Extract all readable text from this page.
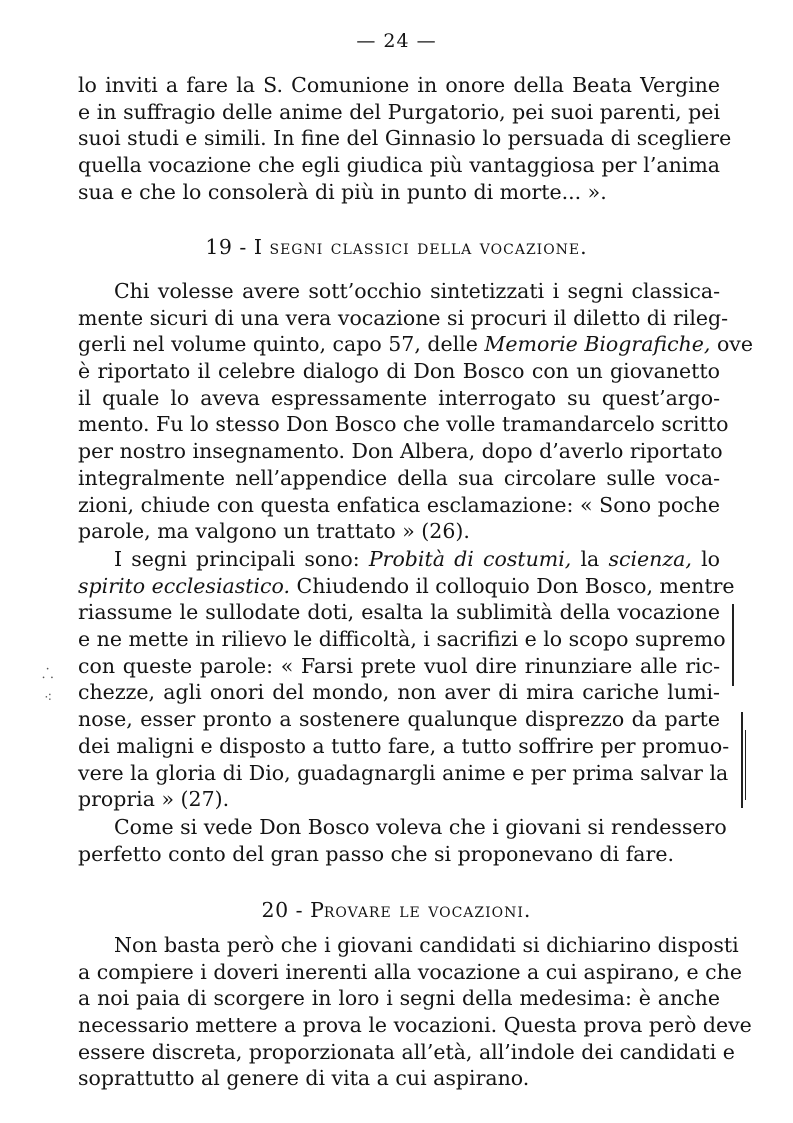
— 24 —
lo inviti a fare la S. Comunione in onore della Beata Vergine
e in suffragio delle anime del Purgatorio, pei suoi parenti, pei
suoi studi e simili. In fine del Ginnasio lo persuada di scegliere
quella vocazione che egli giudica più vantaggiosa per l’anima
sua e che lo consolerà di più in punto di morte... ».
19 - I segni classici della vocazione.
Chi volesse avere sott’occhio sintetizzati i segni classica-
mente sicuri di una vera vocazione si procuri il diletto di rileg-
gerli nel volume quinto, capo 57, delle Memorie Biografiche, ove
è riportato il celebre dialogo di Don Bosco con un giovanetto
il quale lo aveva espressamente interrogato su quest’argo-
mento. Fu lo stesso Don Bosco che volle tramandarcelo scritto
per nostro insegnamento. Don Albera, dopo d’averlo riportato
integralmente nell’appendice della sua circolare sulle voca-
zioni, chiude con questa enfatica esclamazione: « Sono poche
parole, ma valgono un trattato » (26).
I segni principali sono: Probità di costumi, la scienza, lo
spirito ecclesiastico. Chiudendo il colloquio Don Bosco, mentre
riassume le sullodate doti, esalta la sublimità della vocazione
e ne mette in rilievo le difficoltà, i sacrifizi e lo scopo supremo
con queste parole: « Farsi prete vuol dire rinunziare alle ric-
chezze, agli onori del mondo, non aver di mira cariche lumi-
nose, esser pronto a sostenere qualunque disprezzo da parte
dei maligni e disposto a tutto fare, a tutto soffrire per promuo-
vere la gloria di Dio, guadagnargli anime e per prima salvar la
propria » (27).
Come si vede Don Bosco voleva che i giovani si rendessero
perfetto conto del gran passo che si proponevano di fare.
20 - Provare le vocazioni.
Non basta però che i giovani candidati si dichiarino disposti
a compiere i doveri inerenti alla vocazione a cui aspirano, e che
a noi paia di scorgere in loro i segni della medesima: è anche
necessario mettere a prova le vocazioni. Questa prova però deve
essere discreta, proporzionata all’età, all’indole dei candidati e
soprattutto al genere di vita a cui aspirano.
⸫
⁖
